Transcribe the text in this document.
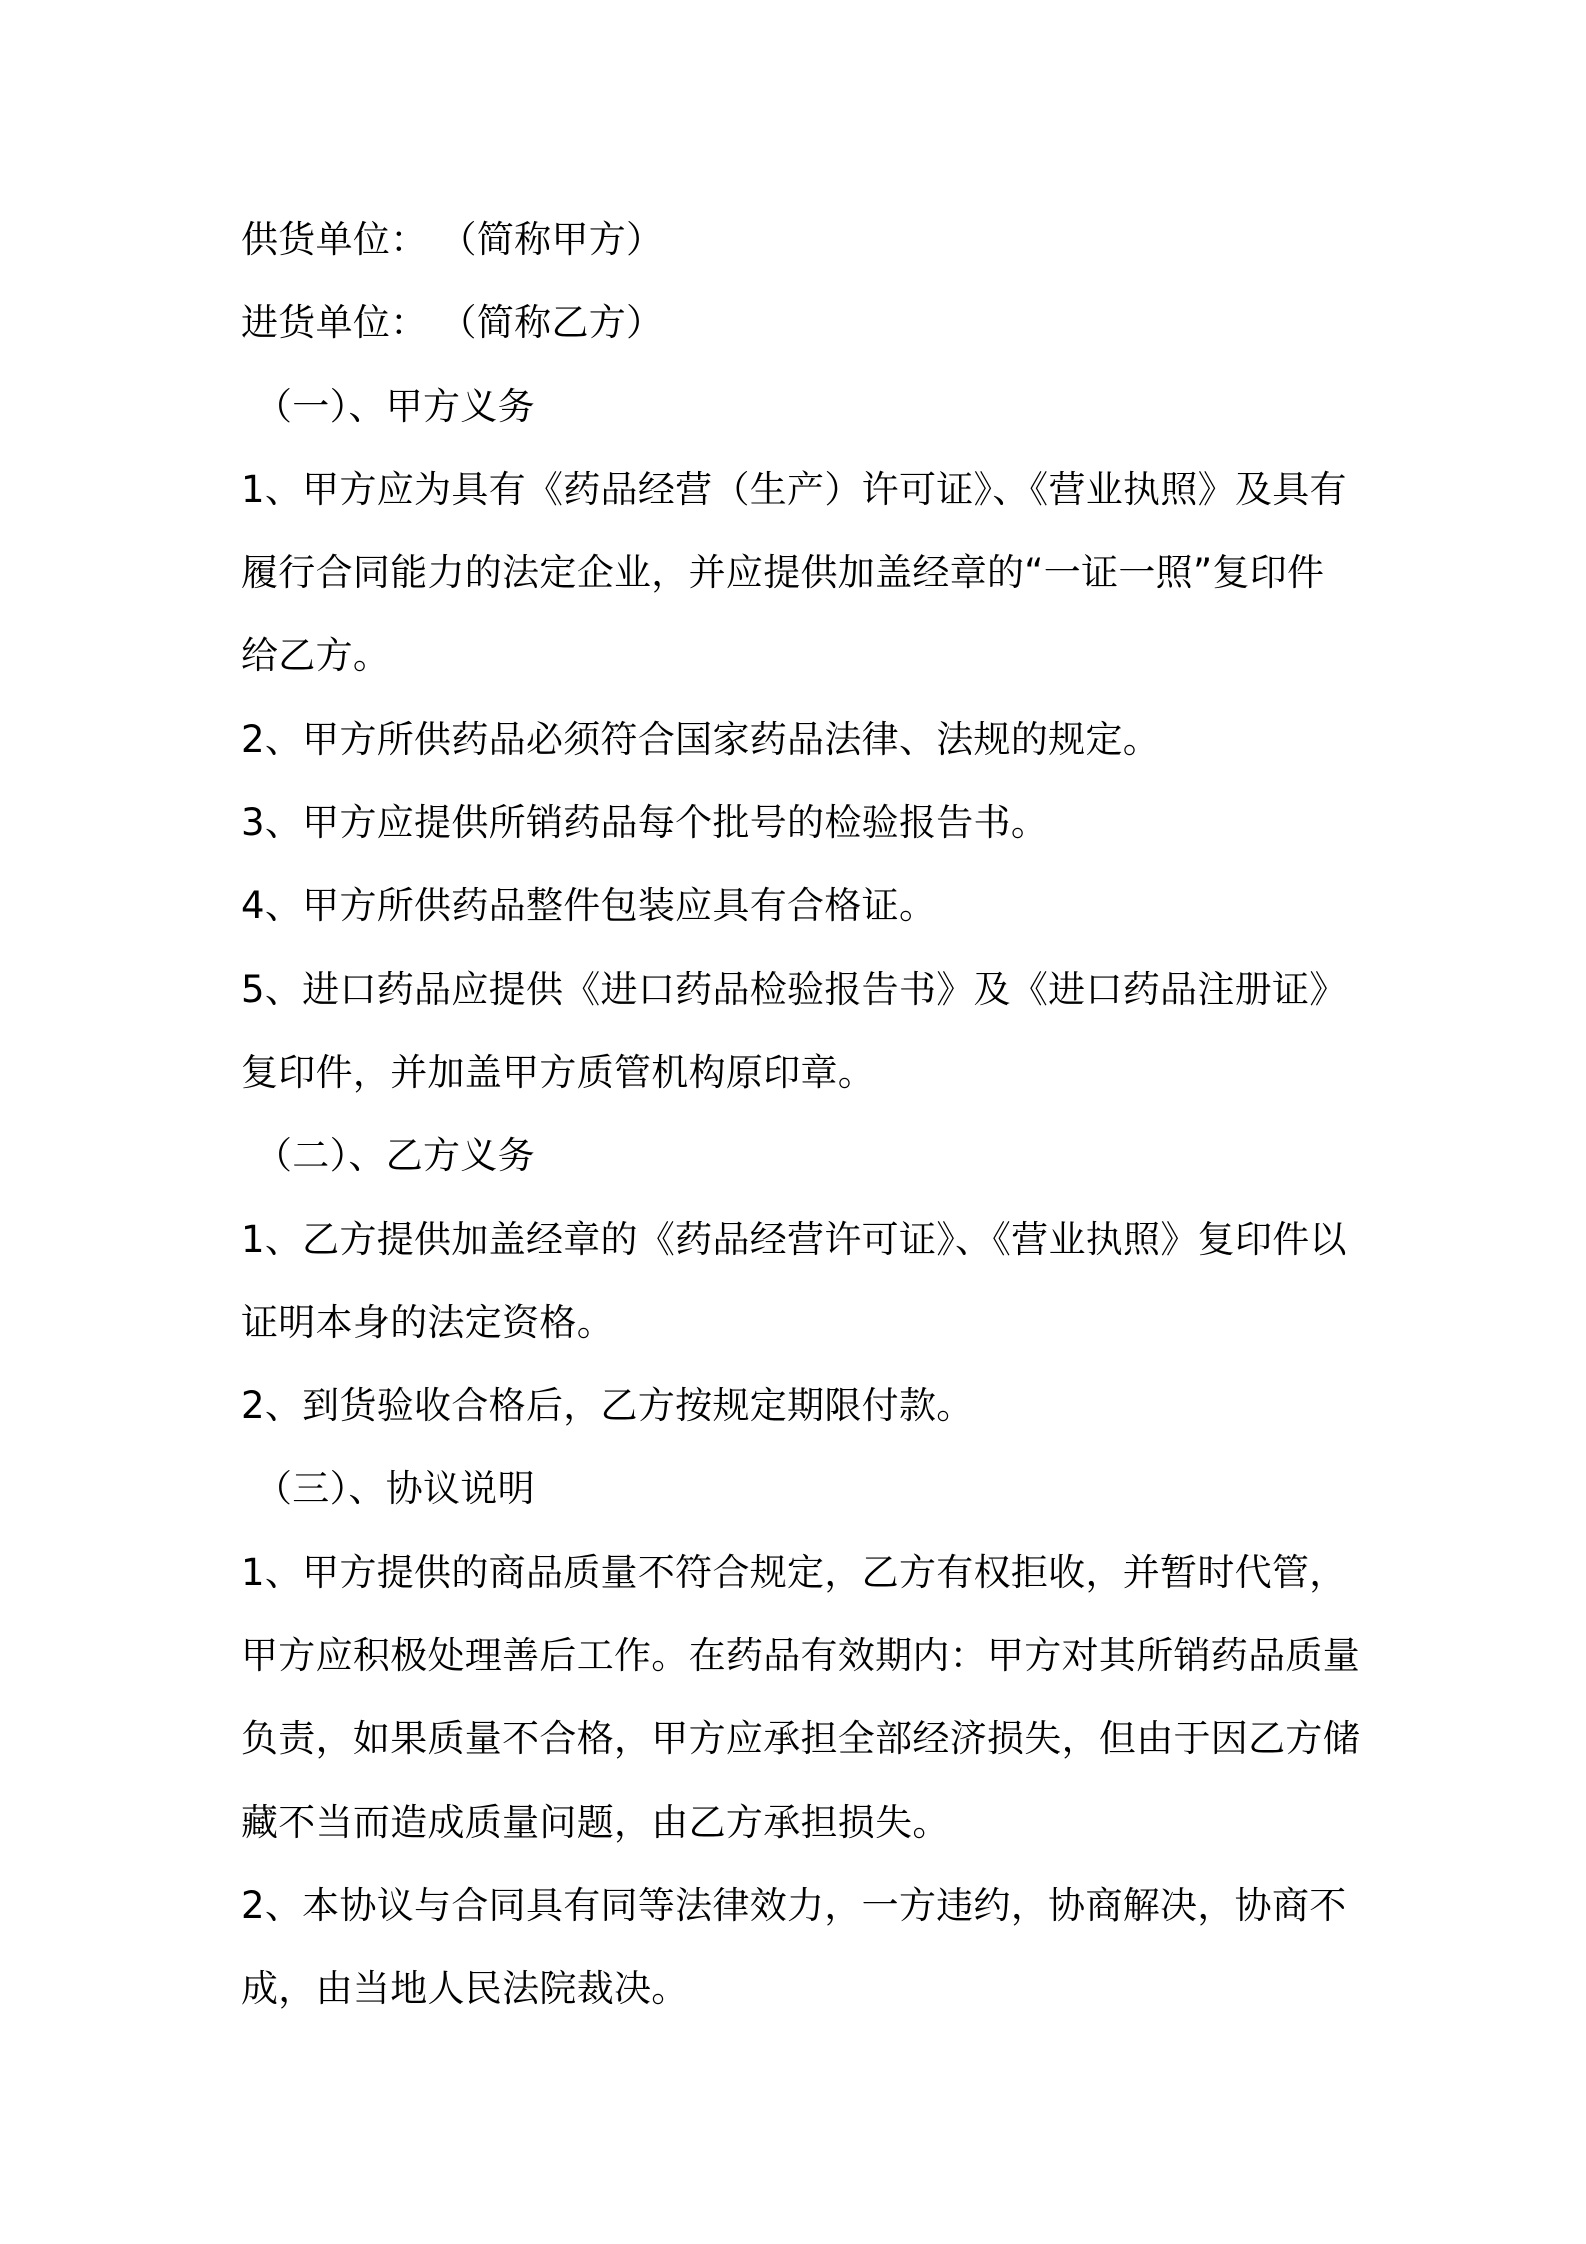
供货单位： （简称甲方）
进货单位： （简称乙方）
（一）、甲方义务
1、甲方应为具有《药品经营（生产）许可证》、《营业执照》及具有
履行合同能力的法定企业，并应提供加盖经章的“一证一照”复印件
给乙方。
2、甲方所供药品必须符合国家药品法律、法规的规定。
3、甲方应提供所销药品每个批号的检验报告书。
4、甲方所供药品整件包装应具有合格证。
5、进口药品应提供《进口药品检验报告书》及《进口药品注册证》
复印件，并加盖甲方质管机构原印章。
（二）、乙方义务
1、乙方提供加盖经章的《药品经营许可证》、《营业执照》复印件以
证明本身的法定资格。
2、到货验收合格后，乙方按规定期限付款。
（三）、协议说明
1、甲方提供的商品质量不符合规定，乙方有权拒收，并暂时代管，
甲方应积极处理善后工作。在药品有效期内：甲方对其所销药品质量
负责，如果质量不合格，甲方应承担全部经济损失，但由于因乙方储
藏不当而造成质量问题，由乙方承担损失。
2、本协议与合同具有同等法律效力，一方违约，协商解决，协商不
成，由当地人民法院裁决。
